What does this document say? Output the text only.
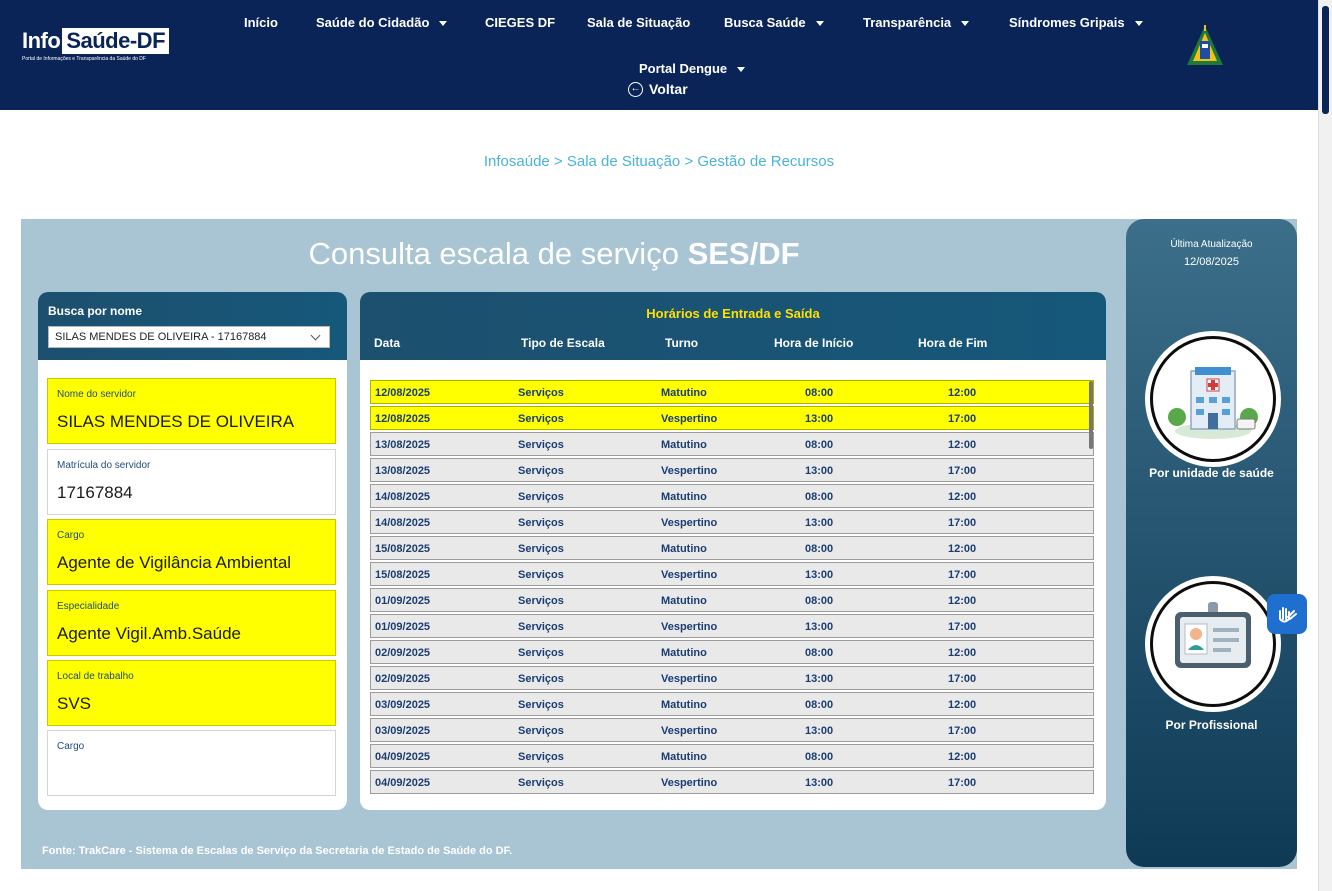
Info Saúde-DF
Portal de Informações e Transparência da Saúde do DF
Início	Saúde do Cidadão	CIEGES DF Sala de Situação	Busca Saúde	Transparência	Síndromes Gripais
Portal Dengue
← Voltar
Infosaúde > Sala de Situação > Gestão de Recursos
Consulta escala de serviço SES/DF
Busca por nome
SILAS MENDES DE OLIVEIRA - 17167884
Nome do servidor
SILAS MENDES DE OLIVEIRA
Matrícula do servidor
17167884
Cargo
Agente de Vigilância Ambiental
Especialidade
Agente Vigil.Amb.Saúde
Local de trabalho
SVS
Cargo
Horários de Entrada e Saída
Data	Tipo de Escala	Turno	Hora de Início	Hora de Fim
12/08/2025	Serviços	Matutino	08:00	12:00
12/08/2025	Serviços	Vespertino	13:00	17:00
13/08/2025	Serviços	Matutino	08:00	12:00
13/08/2025	Serviços	Vespertino	13:00	17:00
14/08/2025	Serviços	Matutino	08:00	12:00
14/08/2025	Serviços	Vespertino	13:00	17:00
15/08/2025	Serviços	Matutino	08:00	12:00
15/08/2025	Serviços	Vespertino	13:00	17:00
01/09/2025	Serviços	Matutino	08:00	12:00
01/09/2025	Serviços	Vespertino	13:00	17:00
02/09/2025	Serviços	Matutino	08:00	12:00
02/09/2025	Serviços	Vespertino	13:00	17:00
03/09/2025	Serviços	Matutino	08:00	12:00
03/09/2025	Serviços	Vespertino	13:00	17:00
04/09/2025	Serviços	Matutino	08:00	12:00
04/09/2025	Serviços	Vespertino	13:00	17:00
Fonte: TrakCare - Sistema de Escalas de Serviço da Secretaria de Estado de Saúde do DF.
Última Atualização
12/08/2025
Por unidade de saúde
Por Profissional
